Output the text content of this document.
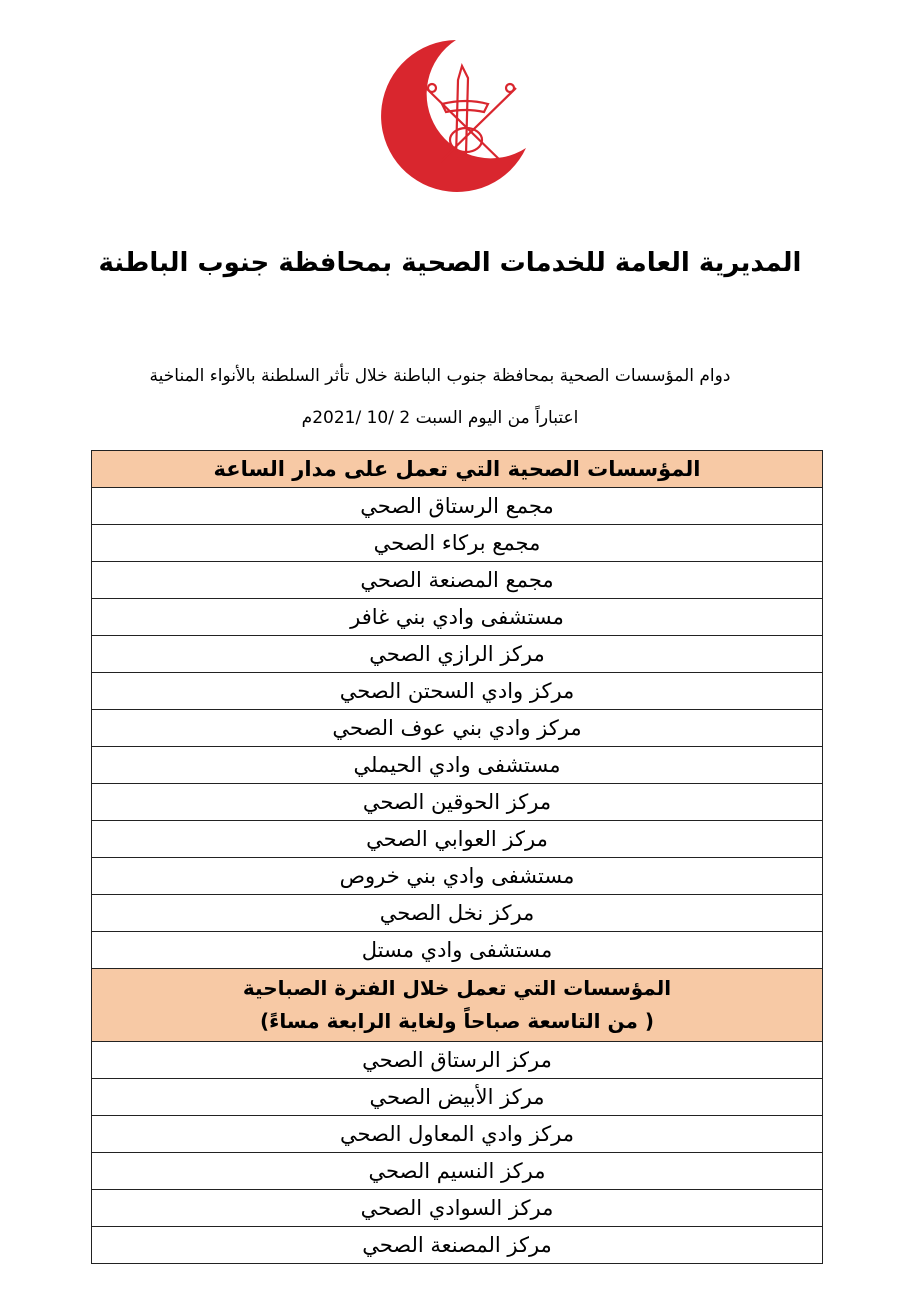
المديرية العامة للخدمات الصحية بمحافظة جنوب الباطنة
دوام المؤسسات الصحية بمحافظة جنوب الباطنة خلال تأثر السلطنة بالأنواء المناخية
اعتباراً من اليوم السبت 2 /10 /2021م
المؤسسات الصحية التي تعمل على مدار الساعة
مجمع الرستاق الصحي
مجمع بركاء الصحي
مجمع المصنعة الصحي
مستشفى وادي بني غافر
مركز الرازي الصحي
مركز وادي السحتن الصحي
مركز وادي بني عوف الصحي
مستشفى وادي الحيملي
مركز الحوقين الصحي
مركز العوابي الصحي
مستشفى وادي بني خروص
مركز نخل الصحي
مستشفى وادي مستل

المؤسسات التي تعمل خلال الفترة الصباحية
( من التاسعة صباحاً ولغاية الرابعة مساءً)

مركز الرستاق الصحي
مركز الأبيض الصحي
مركز وادي المعاول الصحي
مركز النسيم الصحي
مركز السوادي الصحي
مركز المصنعة الصحي
